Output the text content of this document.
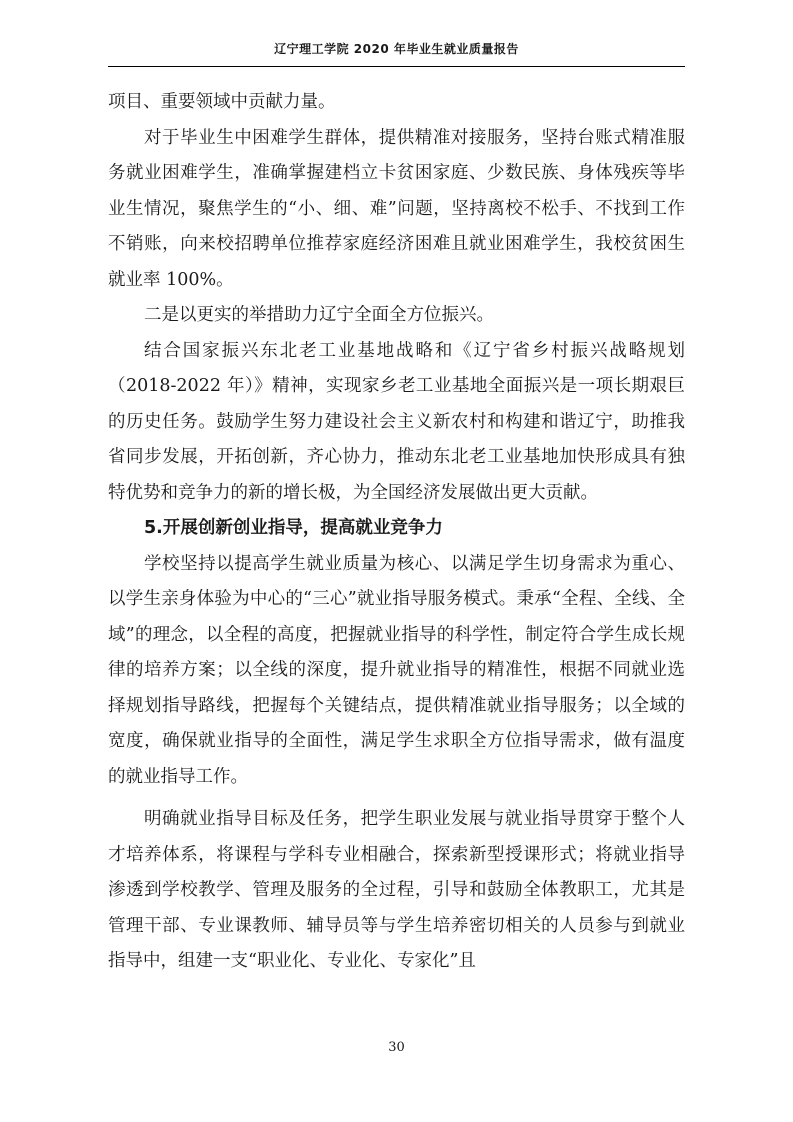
辽宁理工学院 2020 年毕业生就业质量报告

项目、重要领域中贡献力量。

对于毕业生中困难学生群体，提供精准对接服务，坚持台账式精准服务就业困难学生，准确掌握建档立卡贫困家庭、少数民族、身体残疾等毕业生情况，聚焦学生的“小、细、难”问题，坚持离校不松手、不找到工作不销账，向来校招聘单位推荐家庭经济困难且就业困难学生，我校贫困生就业率 100%。

二是以更实的举措助力辽宁全面全方位振兴。

结合国家振兴东北老工业基地战略和《辽宁省乡村振兴战略规划（2018-2022 年）》精神，实现家乡老工业基地全面振兴是一项长期艰巨的历史任务。鼓励学生努力建设社会主义新农村和构建和谐辽宁，助推我省同步发展，开拓创新，齐心协力，推动东北老工业基地加快形成具有独特优势和竞争力的新的增长极，为全国经济发展做出更大贡献。

5.开展创新创业指导，提高就业竞争力

学校坚持以提高学生就业质量为核心、以满足学生切身需求为重心、以学生亲身体验为中心的“三心”就业指导服务模式。秉承“全程、全线、全域”的理念，以全程的高度，把握就业指导的科学性，制定符合学生成长规律的培养方案；以全线的深度，提升就业指导的精准性，根据不同就业选择规划指导路线，把握每个关键结点，提供精准就业指导服务；以全域的宽度，确保就业指导的全面性，满足学生求职全方位指导需求，做有温度的就业指导工作。

明确就业指导目标及任务，把学生职业发展与就业指导贯穿于整个人才培养体系，将课程与学科专业相融合，探索新型授课形式；将就业指导渗透到学校教学、管理及服务的全过程，引导和鼓励全体教职工，尤其是管理干部、专业课教师、辅导员等与学生培养密切相关的人员参与到就业指导中，组建一支“职业化、专业化、专家化”且

30
